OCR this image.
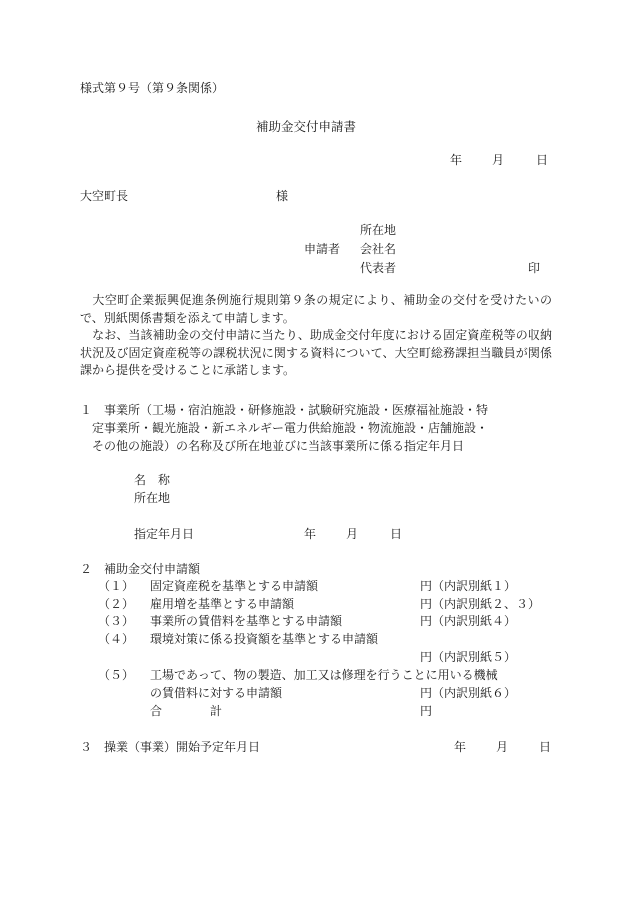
様式第９号（第９条関係）
補助金交付申請書
年 月	日
大空町長	様
所在地
申請者 会社名
代表者	印
　大空町企業振興促進条例施行規則第９条の規定により、補助金の交付を受けたいので、別紙関係書類を添えて申請します。
　なお、当該補助金の交付申請に当たり、助成金交付年度における固定資産税等の収納状況及び固定資産税等の課税状況に関する資料について、大空町総務課担当職員が関係課から提供を受けることに承諾します。
１ 事業所（工場・宿泊施設・研修施設・試験研究施設・医療福祉施設・特
定事業所・観光施設・新エネルギー電力供給施設・物流施設・店舗施設・
その他の施設）の名称及び所在地並びに当該事業所に係る指定年月日
名　称
所在地
指定年月日	年 月	日
２ 補助金交付申請額
（１） 固定資産税を基準とする申請額	円 （内訳別紙１）
（２） 雇用増を基準とする申請額	円 （内訳別紙２、３）
（３） 事業所の賃借料を基準とする申請額	円 （内訳別紙４）
（４） 環境対策に係る投資額を基準とする申請額
円 （内訳別紙５）
（５） 工場であって、物の製造、加工又は修理を行うことに用いる機械
の賃借料に対する申請額	円 （内訳別紙６）
合　　　　計	円
３ 操業（事業）開始予定年月日	年 月	日
